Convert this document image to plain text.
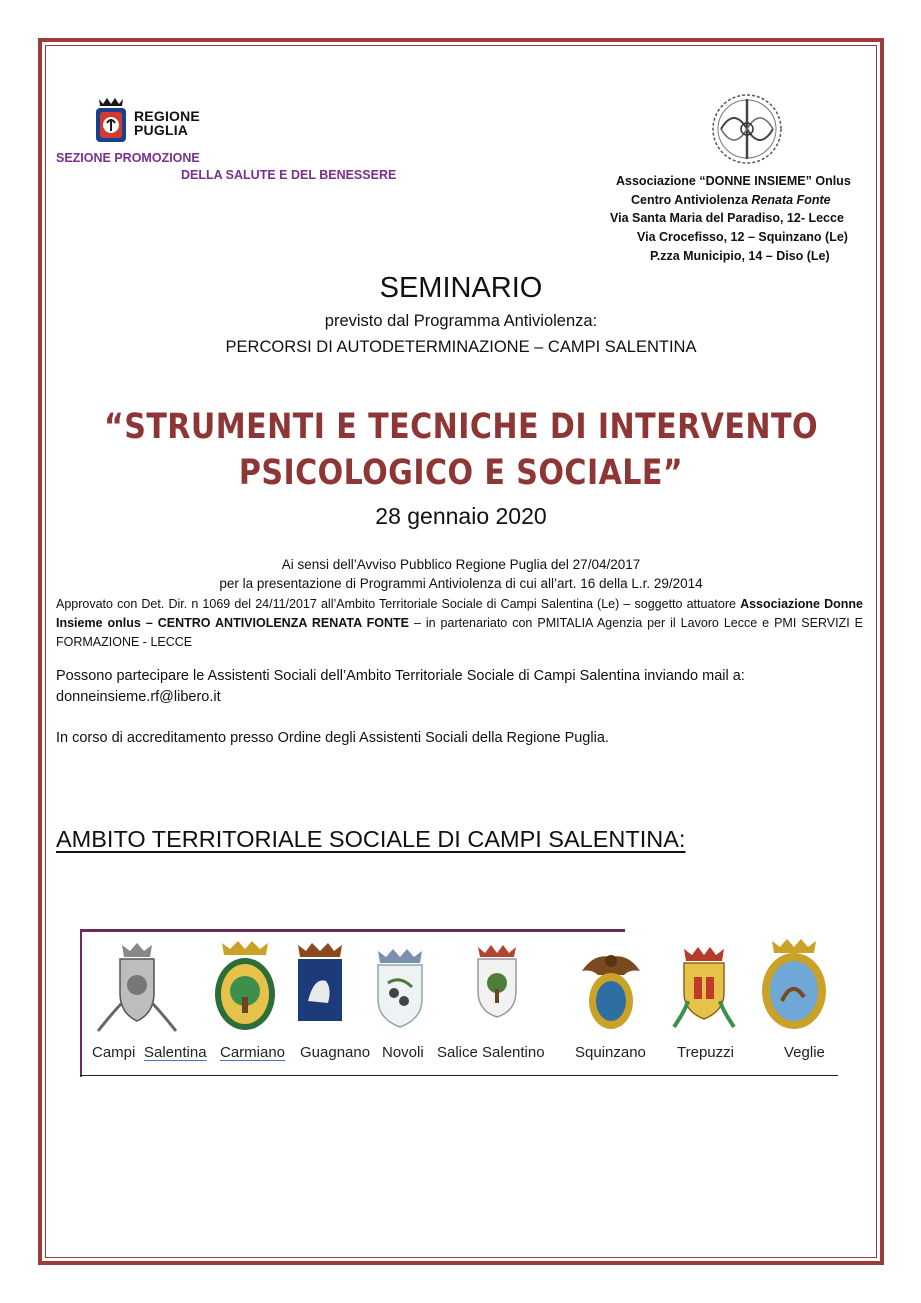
REGIONE
PUGLIA
SEZIONE PROMOZIONE
DELLA SALUTE E DEL BENESSERE	Associazione “DONNE INSIEME” Onlus
Centro Antiviolenza Renata Fonte
Via Santa Maria del Paradiso, 12- Lecce
Via Crocefisso, 12 – Squinzano (Le)
P.zza Municipio, 14 – Diso (Le)
SEMINARIO
previsto dal Programma Antiviolenza:
PERCORSI DI AUTODETERMINAZIONE – CAMPI SALENTINA
“STRUMENTI E TECNICHE DI INTERVENTO
PSICOLOGICO E SOCIALE”
28 gennaio 2020
Ai sensi dell’Avviso Pubblico Regione Puglia del 27/04/2017
per la presentazione di Programmi Antiviolenza di cui all’art. 16 della L.r. 29/2014
Approvato con Det. Dir. n 1069 del 24/11/2017 all’Ambito Territoriale Sociale di Campi Salentina (Le) – soggetto attuatore Associazione Donne Insieme onlus – CENTRO ANTIVIOLENZA RENATA FONTE – in partenariato con PMITALIA Agenzia per il Lavoro Lecce e PMI SERVIZI E FORMAZIONE - LECCE
Possono partecipare le Assistenti Sociali dell’Ambito Territoriale Sociale di Campi Salentina inviando mail a:
donneinsieme.rf@libero.it
In corso di accreditamento presso Ordine degli Assistenti Sociali della Regione Puglia.
AMBITO TERRITORIALE SOCIALE DI CAMPI SALENTINA:
Campi Salentina Carmiano Guagnano Novoli Salice Salentino Squinzano Trepuzzi	Veglie
